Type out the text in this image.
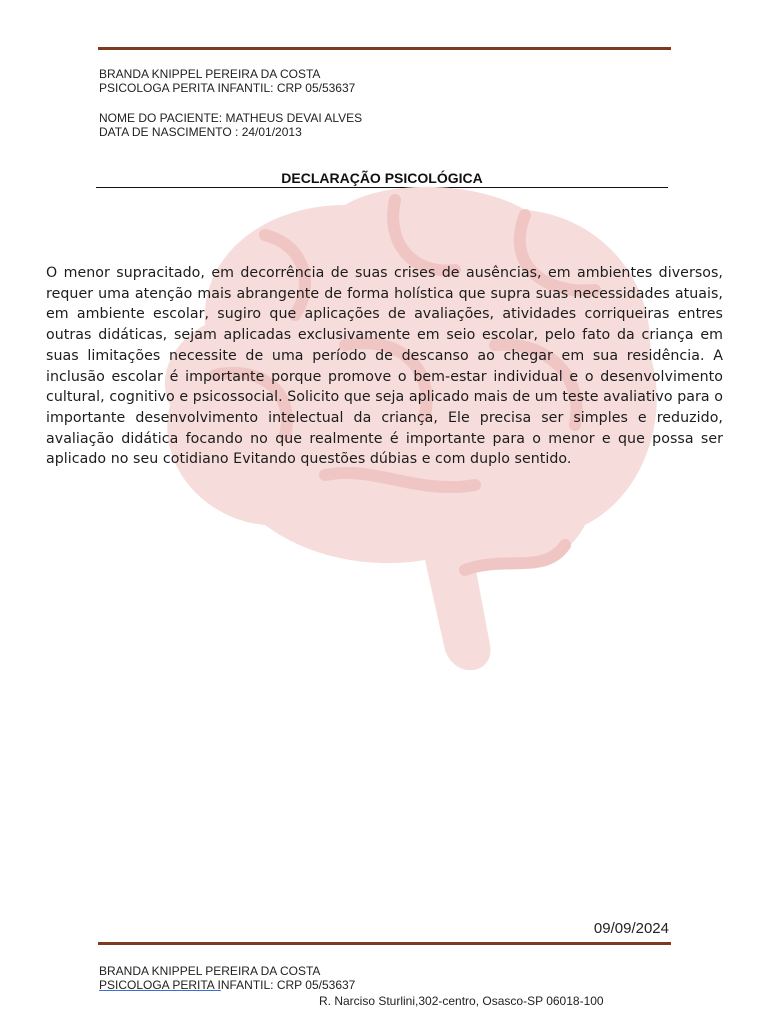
BRANDA KNIPPEL PEREIRA DA COSTA
PSICOLOGA PERITA INFANTIL: CRP 05/53637
NOME DO PACIENTE: MATHEUS DEVAI ALVES
DATA DE NASCIMENTO : 24/01/2013
DECLARAÇÃO PSICOLÓGICA
O menor supracitado, em decorrência de suas crises de ausências, em ambientes diversos, requer uma atenção mais abrangente de forma holística que supra suas necessidades atuais, em ambiente escolar, sugiro que aplicações de avaliações, atividades corriqueiras entres outras didáticas, sejam aplicadas exclusivamente em seio escolar, pelo fato da criança em suas limitações necessite de uma período de descanso ao chegar em sua residência. A inclusão escolar é importante porque promove o bem-estar individual e o desenvolvimento cultural, cognitivo e psicossocial. Solicito que seja aplicado mais de um teste avaliativo para o importante desenvolvimento intelectual da criança, Ele precisa ser simples e reduzido, avaliação didática focando no que realmente é importante para o menor e que possa ser aplicado no seu cotidiano Evitando questões dúbias e com duplo sentido.
09/09/2024
BRANDA KNIPPEL PEREIRA DA COSTA
PSICOLOGA PERITA INFANTIL: CRP 05/53637
R. Narciso Sturlini,302-centro, Osasco-SP 06018-100
